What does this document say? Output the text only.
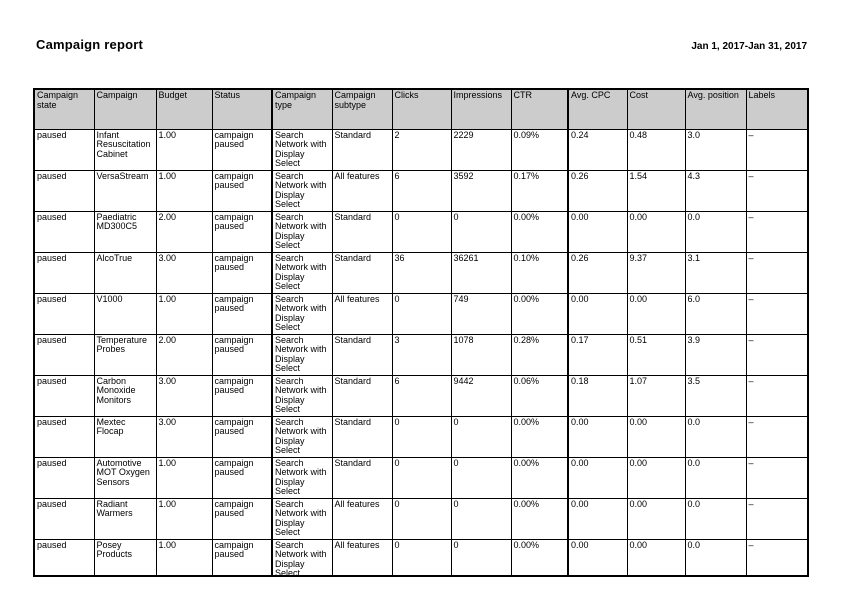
Campaign report	Jan 1, 2017-Jan 31, 2017
Campaign state	Campaign	Budget	Status	Campaign type	Campaign subtype	Clicks	Impressions	CTR	Avg. CPC	Cost	Avg. position	Labels

paused	Infant Resuscitation Cabinet	1.00	campaign paused	Search Network with Display Select	Standard	2	2229	0.09%	0.24	0.48	3.0	–

paused	VersaStream	1.00	campaign paused	Search Network with Display Select	All features	6	3592	0.17%	0.26	1.54	4.3	–

paused	Paediatric MD300C5	2.00	campaign paused	Search Network with Display Select	Standard	0	0	0.00%	0.00	0.00	0.0	–

paused	AlcoTrue	3.00	campaign paused	Search Network with Display Select	Standard	36	36261	0.10%	0.26	9.37	3.1	–

paused	V1000	1.00	campaign paused	Search Network with Display Select	All features	0	749	0.00%	0.00	0.00	6.0	–

paused	Temperature Probes	2.00	campaign paused	Search Network with Display Select	Standard	3	1078	0.28%	0.17	0.51	3.9	–

paused	Carbon Monoxide Monitors	3.00	campaign paused	Search Network with Display Select	Standard	6	9442	0.06%	0.18	1.07	3.5	–

paused	Mextec Flocap	3.00	campaign paused	Search Network with Display Select	Standard	0	0	0.00%	0.00	0.00	0.0	–

paused	Automotive MOT Oxygen Sensors	1.00	campaign paused	Search Network with Display Select	Standard	0	0	0.00%	0.00	0.00	0.0	–

paused	Radiant Warmers	1.00	campaign paused	Search Network with Display Select	All features	0	0	0.00%	0.00	0.00	0.0	–

paused	Posey Products	1.00	campaign paused	Search Network with Display Select	All features	0	0	0.00%	0.00	0.00	0.0	–
